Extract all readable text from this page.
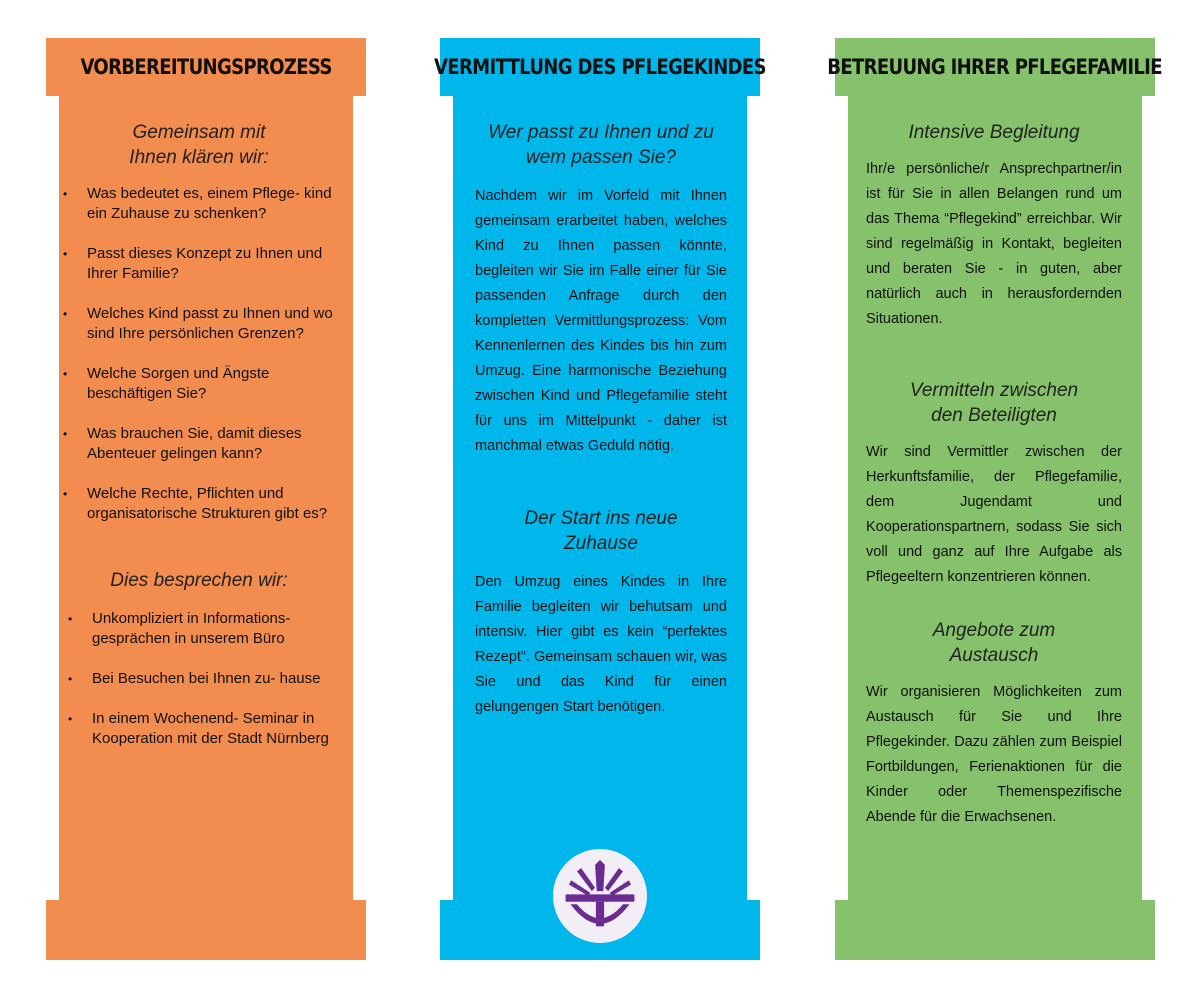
VORBEREITUNGSPROZESS

Gemeinsam mit Ihnen klären wir:

• Was bedeutet es, einem Pflege- kind ein Zuhause zu schenken?
• Passt dieses Konzept zu Ihnen und Ihrer Familie?
• Welches Kind passt zu Ihnen und wo sind Ihre persönlichen Grenzen?
• Welche Sorgen und Ängste beschäftigen Sie?
• Was brauchen Sie, damit dieses Abenteuer gelingen kann?
• Welche Rechte, Pflichten und organisatorische Strukturen gibt es?

Dies besprechen wir:

• Unkompliziert in Informations- gesprächen in unserem Büro
• Bei Besuchen bei Ihnen zu- hause
• In einem Wochenend- Seminar in Kooperation mit der Stadt Nürnberg
VERMITTLUNG DES PFLEGEKINDES

Wer passt zu Ihnen und zu wem passen Sie?

Nachdem wir im Vorfeld mit Ihnen gemeinsam erarbeitet haben, welches Kind zu Ihnen passen könnte, begleiten wir Sie im Falle einer für Sie passenden Anfrage durch den kompletten Vermittlungsprozess: Vom Kennenlernen des Kindes bis hin zum Umzug. Eine harmonische Beziehung zwischen Kind und Pflegefamilie steht für uns im Mittelpunkt - daher ist manchmal etwas Geduld nötig.

Der Start ins neue Zuhause

Den Umzug eines Kindes in Ihre Familie begleiten wir behutsam und intensiv. Hier gibt es kein “perfektes Rezept”. Gemeinsam schauen wir, was Sie und das Kind für einen gelungengen Start benötigen.

BETREUUNG IHRER PFLEGEFAMILIE

Intensive Begleitung

Ihr/e persönliche/r Ansprechpartner/in ist für Sie in allen Belangen rund um das Thema “Pflegekind” erreichbar. Wir sind regelmäßig in Kontakt, begleiten und beraten Sie - in guten, aber natürlich auch in herausfordernden Situationen.

Vermitteln zwischen den Beteiligten

Wir sind Vermittler zwischen der Herkunftsfamilie, der Pflegefamilie, dem Jugendamt und Kooperationspartnern, sodass Sie sich voll und ganz auf Ihre Aufgabe als Pflegeeltern konzentrieren können.

Angebote zum Austausch

Wir organisieren Möglichkeiten zum Austausch für Sie und Ihre Pflegekinder. Dazu zählen zum Beispiel Fortbildungen, Ferienaktionen für die Kinder oder Themenspezifische Abende für die Erwachsenen.
